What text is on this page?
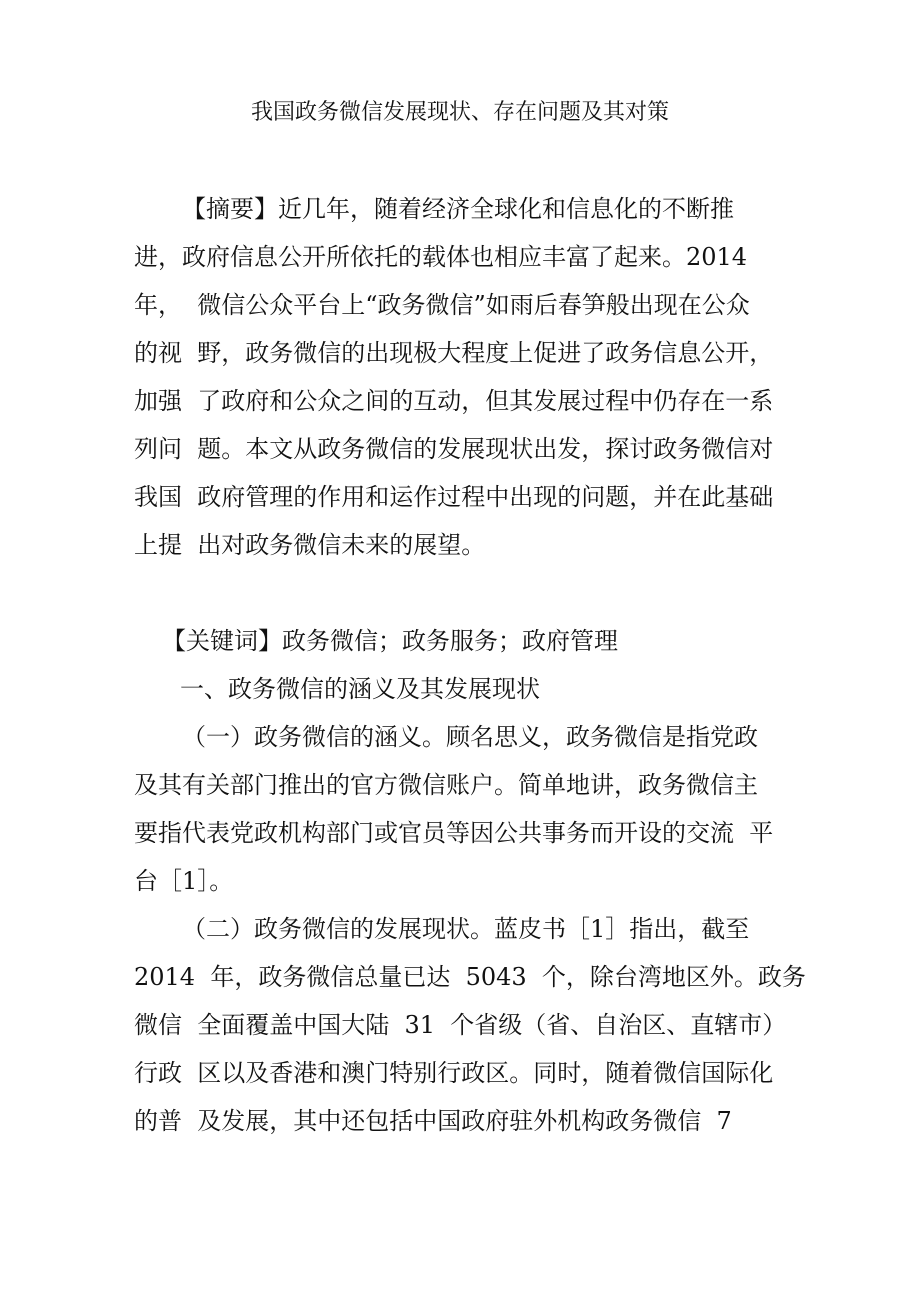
我国政务微信发展现状、存在问题及其对策
【摘要】近几年，随着经济全球化和信息化的不断推
进，政府信息公开所依托的载体也相应丰富了起来。2014
年，  微信公众平台上“政务微信”如雨后春笋般出现在公众
的视  野，政务微信的出现极大程度上促进了政务信息公开，
加强  了政府和公众之间的互动，但其发展过程中仍存在一系
列问  题。本文从政务微信的发展现状出发，探讨政务微信对
我国  政府管理的作用和运作过程中出现的问题，并在此基础
上提  出对政务微信未来的展望。
【关键词】政务微信；政务服务；政府管理
一、政务微信的涵义及其发展现状
（一）政务微信的涵义。顾名思义，政务微信是指党政
及其有关部门推出的官方微信账户。简单地讲，政务微信主
要指代表党政机构部门或官员等因公共事务而开设的交流  平
台［1］。
（二）政务微信的发展现状。蓝皮书［1］指出，截至
2014  年，政务微信总量已达  5043  个，除台湾地区外。政务
微信  全面覆盖中国大陆  31  个省级（省、自治区、直辖市）
行政  区以及香港和澳门特别行政区。同时，随着微信国际化
的普  及发展，其中还包括中国政府驻外机构政务微信  7
